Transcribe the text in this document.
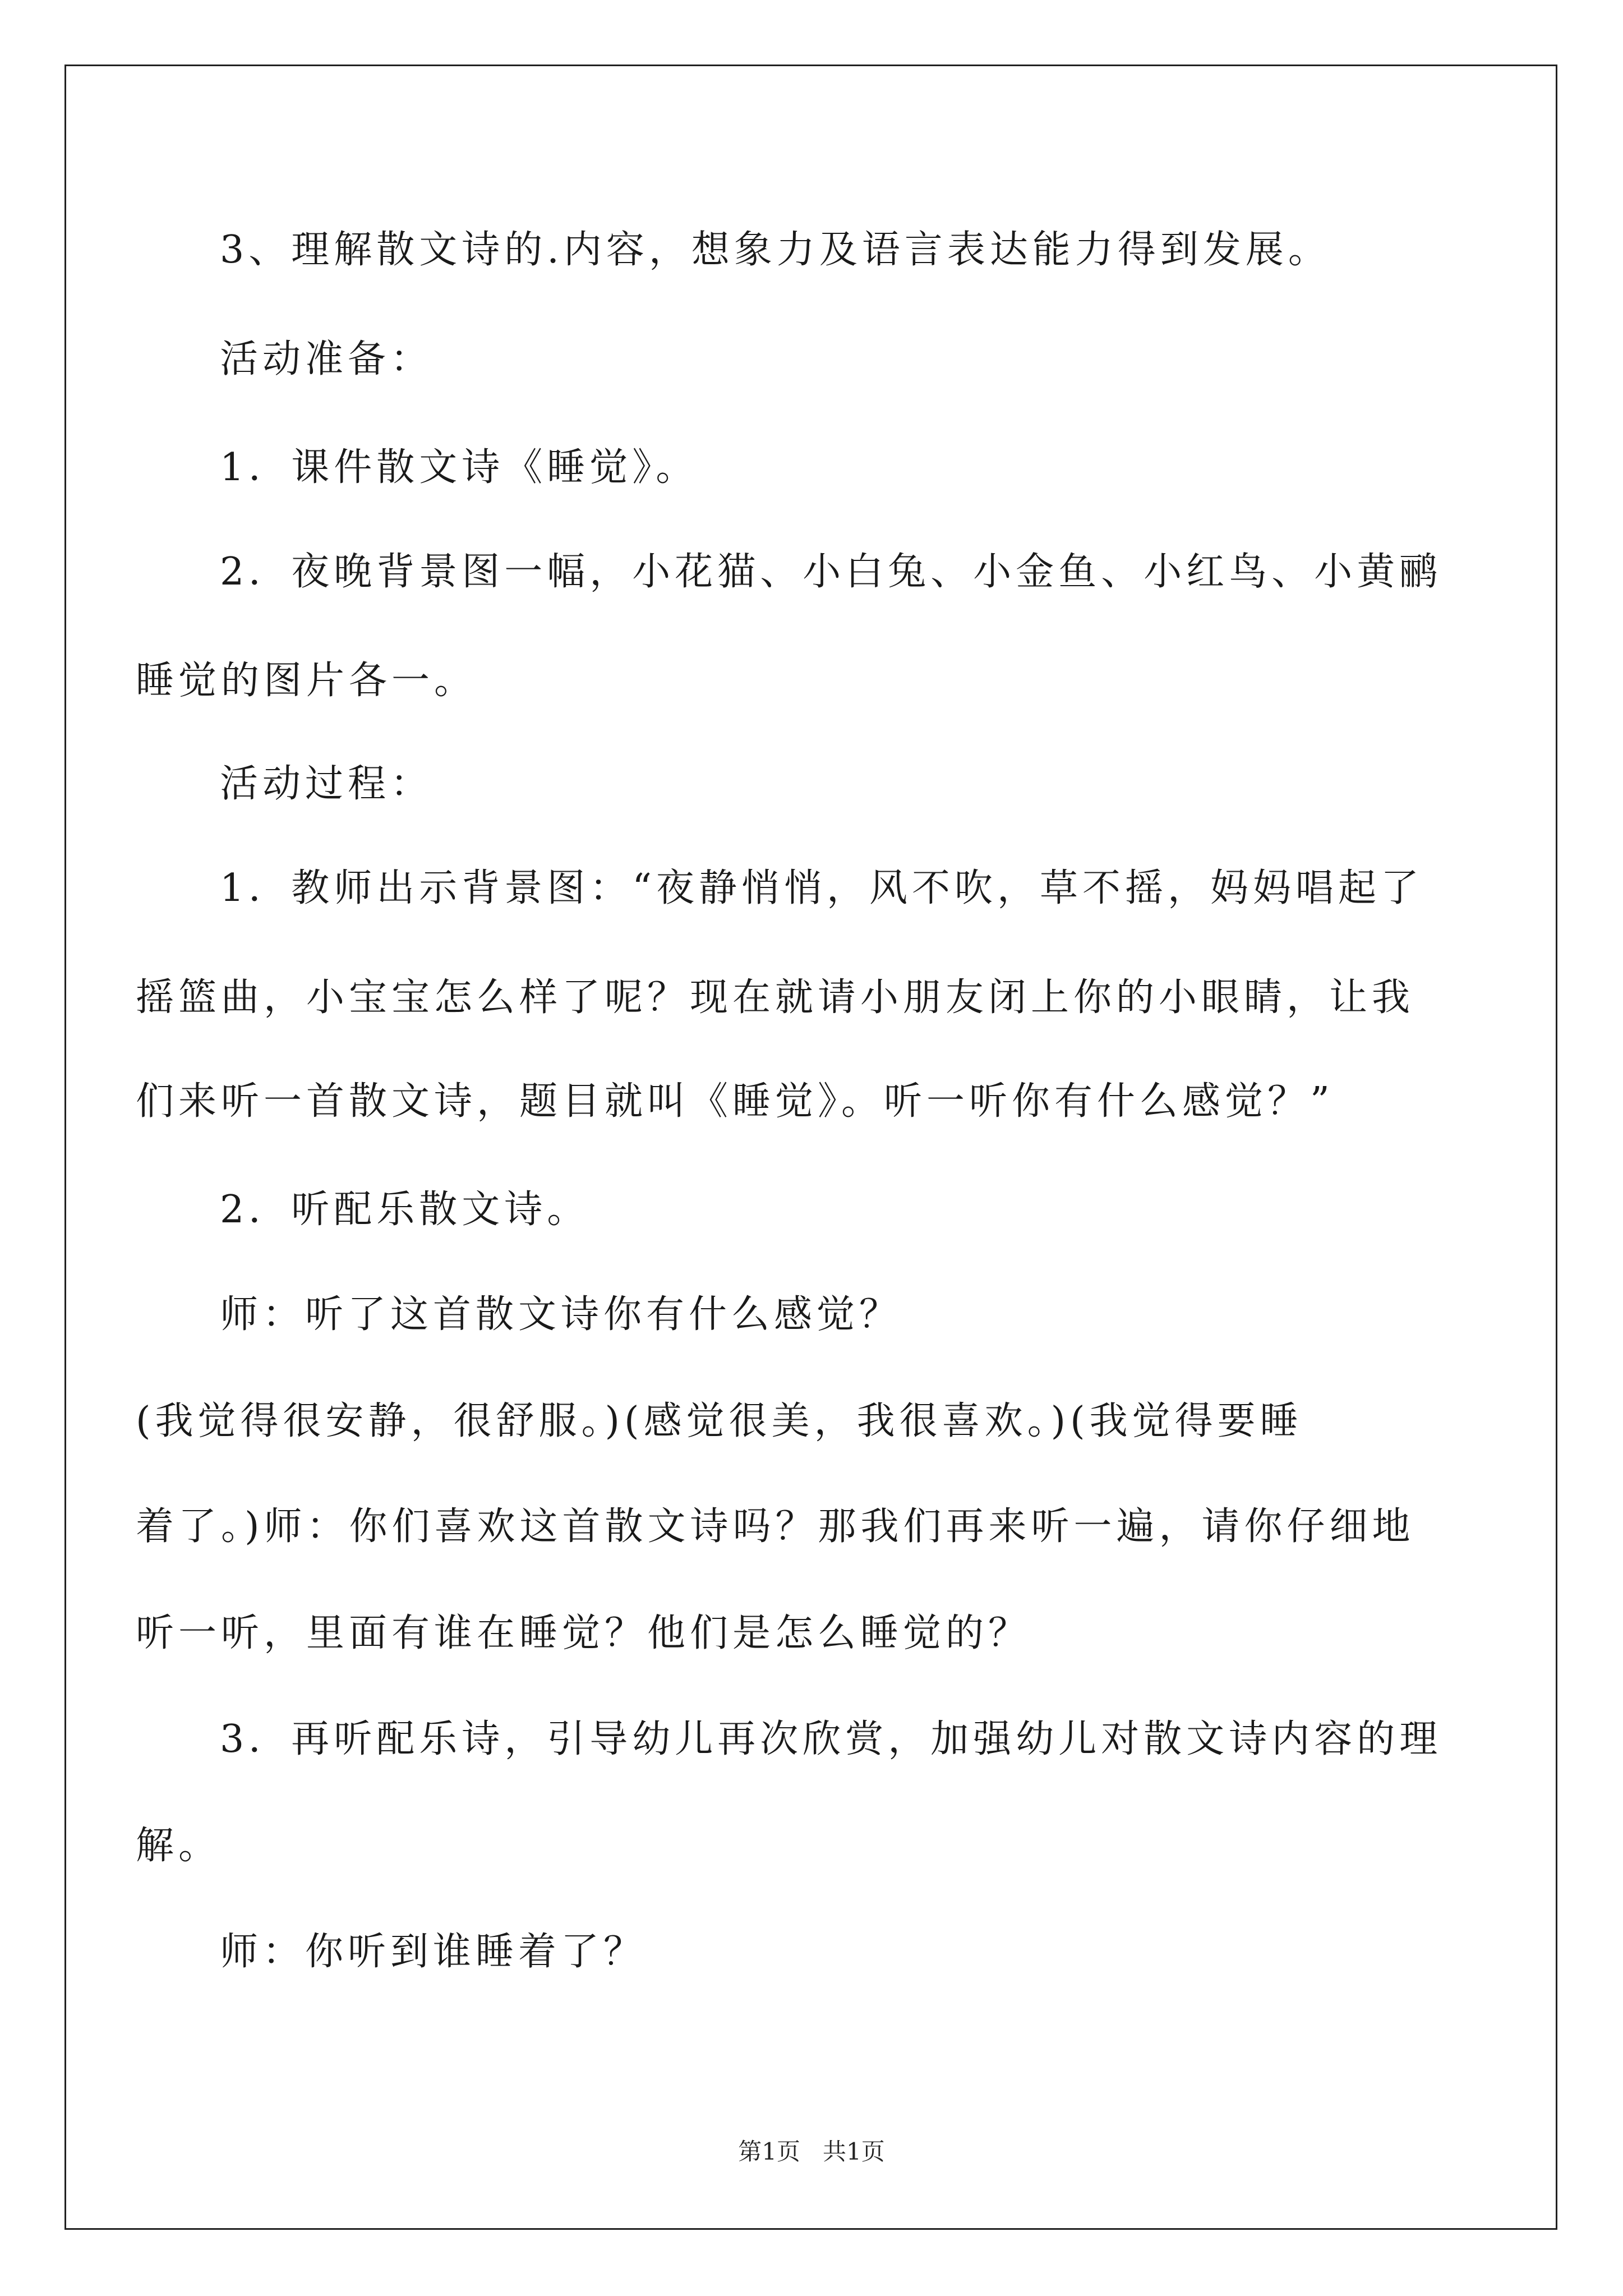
3、理解散文诗的.内容，想象力及语言表达能力得到发展。
活动准备：
1．课件散文诗《睡觉》。
2．夜晚背景图一幅，小花猫、小白兔、小金鱼、小红鸟、小黄鹂
睡觉的图片各一。
活动过程：
1．教师出示背景图：“夜静悄悄，风不吹，草不摇，妈妈唱起了
摇篮曲，小宝宝怎么样了呢？现在就请小朋友闭上你的小眼睛，让我
们来听一首散文诗，题目就叫《睡觉》。听一听你有什么感觉？”
2．听配乐散文诗。
师：听了这首散文诗你有什么感觉？
(我觉得很安静，很舒服。)(感觉很美，我很喜欢。)(我觉得要睡
着了。)师：你们喜欢这首散文诗吗？那我们再来听一遍，请你仔细地
听一听，里面有谁在睡觉？他们是怎么睡觉的？
3．再听配乐诗，引导幼儿再次欣赏，加强幼儿对散文诗内容的理
解。
师：你听到谁睡着了？
第1页   共1页
